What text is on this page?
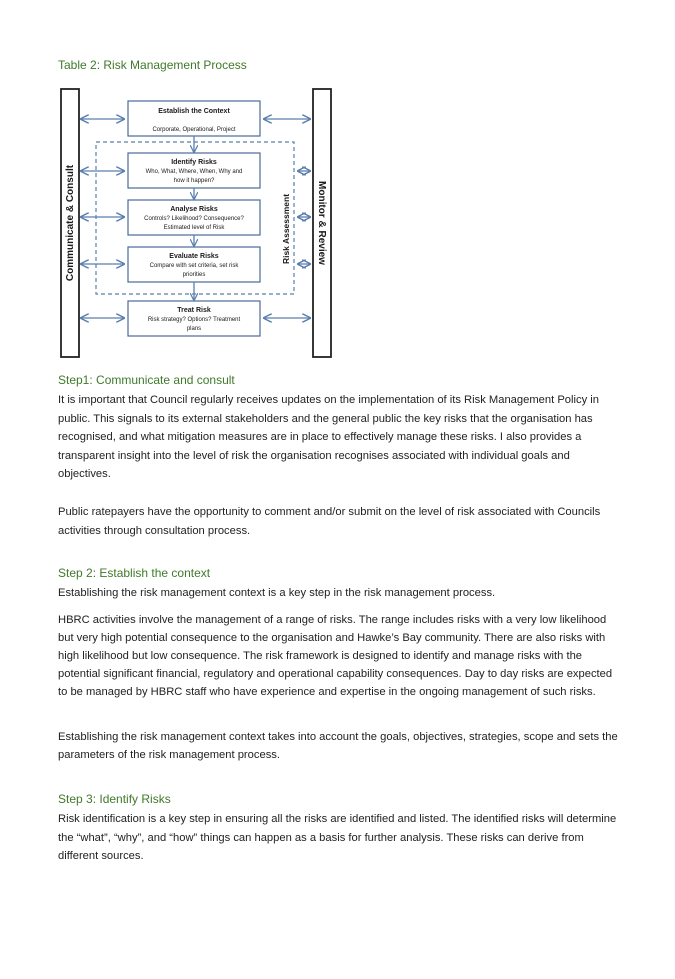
Table 2: Risk Management Process
Communicate & Consult	Monitor & Review
Risk Assessment
Establish the Context
Corporate, Operational, Project
Identify Risks
Who, What, Where, When, Why and
how it happen?
Analyse Risks
Controls? Likelihood? Consequence?
Estimated level of Risk
Evaluate Risks
Compare with set criteria, set risk
priorities
Treat Risk
Risk strategy? Options? Treatment
plans
Step1: Communicate and consult

It is important that Council regularly receives updates on the implementation of its Risk Management Policy in public. This signals to its external stakeholders and the general public the key risks that the organisation has recognised, and what mitigation measures are in place to effectively manage these risks. I also provides a transparent insight into the level of risk the organisation recognises associated with individual goals and objectives.

Public ratepayers have the opportunity to comment and/or submit on the level of risk associated with Councils activities through consultation process.

Step 2: Establish the context

Establishing the risk management context is a key step in the risk management process.

HBRC activities involve the management of a range of risks. The range includes risks with a very low likelihood but very high potential consequence to the organisation and Hawke’s Bay community. There are also risks with high likelihood but low consequence. The risk framework is designed to identify and manage risks with the potential significant financial, regulatory and operational capability consequences. Day to day risks are expected to be managed by HBRC staff who have experience and expertise in the ongoing management of such risks.

Establishing the risk management context takes into account the goals, objectives, strategies, scope and sets the parameters of the risk management process.

Step 3: Identify Risks

Risk identification is a key step in ensuring all the risks are identified and listed. The identified risks will determine the “what”, “why”, and “how” things can happen as a basis for further analysis. These risks can derive from different sources.
